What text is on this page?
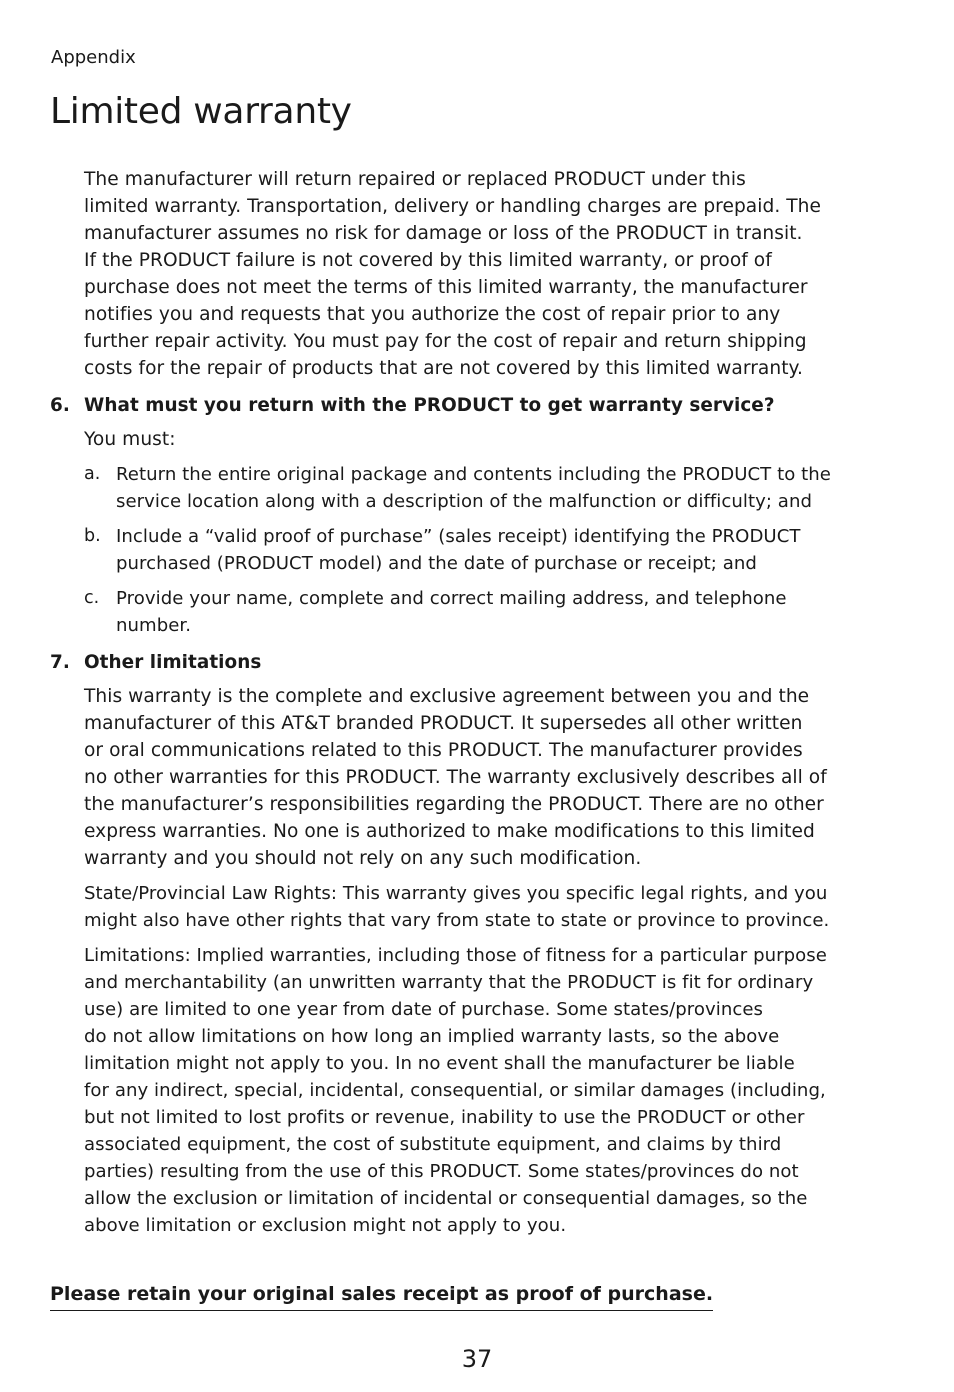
Appendix
Limited warranty

The manufacturer will return repaired or replaced PRODUCT under this
limited warranty. Transportation, delivery or handling charges are prepaid. The
manufacturer assumes no risk for damage or loss of the PRODUCT in transit.
If the PRODUCT failure is not covered by this limited warranty, or proof of
purchase does not meet the terms of this limited warranty, the manufacturer
notifies you and requests that you authorize the cost of repair prior to any
further repair activity. You must pay for the cost of repair and return shipping
costs for the repair of products that are not covered by this limited warranty.

6. What must you return with the PRODUCT to get warranty service?

You must:

a. Return the entire original package and contents including the PRODUCT to the
service location along with a description of the malfunction or difficulty; and
b. Include a “valid proof of purchase” (sales receipt) identifying the PRODUCT
purchased (PRODUCT model) and the date of purchase or receipt; and
c. Provide your name, complete and correct mailing address, and telephone
number.
7. Other limitations

This warranty is the complete and exclusive agreement between you and the
manufacturer of this AT&T branded PRODUCT. It supersedes all other written
or oral communications related to this PRODUCT. The manufacturer provides
no other warranties for this PRODUCT. The warranty exclusively describes all of
the manufacturer’s responsibilities regarding the PRODUCT. There are no other
express warranties. No one is authorized to make modifications to this limited
warranty and you should not rely on any such modification.

State/Provincial Law Rights: This warranty gives you specific legal rights, and you
might also have other rights that vary from state to state or province to province.

Limitations: Implied warranties, including those of fitness for a particular purpose
and merchantability (an unwritten warranty that the PRODUCT is fit for ordinary
use) are limited to one year from date of purchase. Some states/provinces
do not allow limitations on how long an implied warranty lasts, so the above
limitation might not apply to you. In no event shall the manufacturer be liable
for any indirect, special, incidental, consequential, or similar damages (including,
but not limited to lost profits or revenue, inability to use the PRODUCT or other
associated equipment, the cost of substitute equipment, and claims by third
parties) resulting from the use of this PRODUCT. Some states/provinces do not
allow the exclusion or limitation of incidental or consequential damages, so the
above limitation or exclusion might not apply to you.

Please retain your original sales receipt as proof of purchase.
37
